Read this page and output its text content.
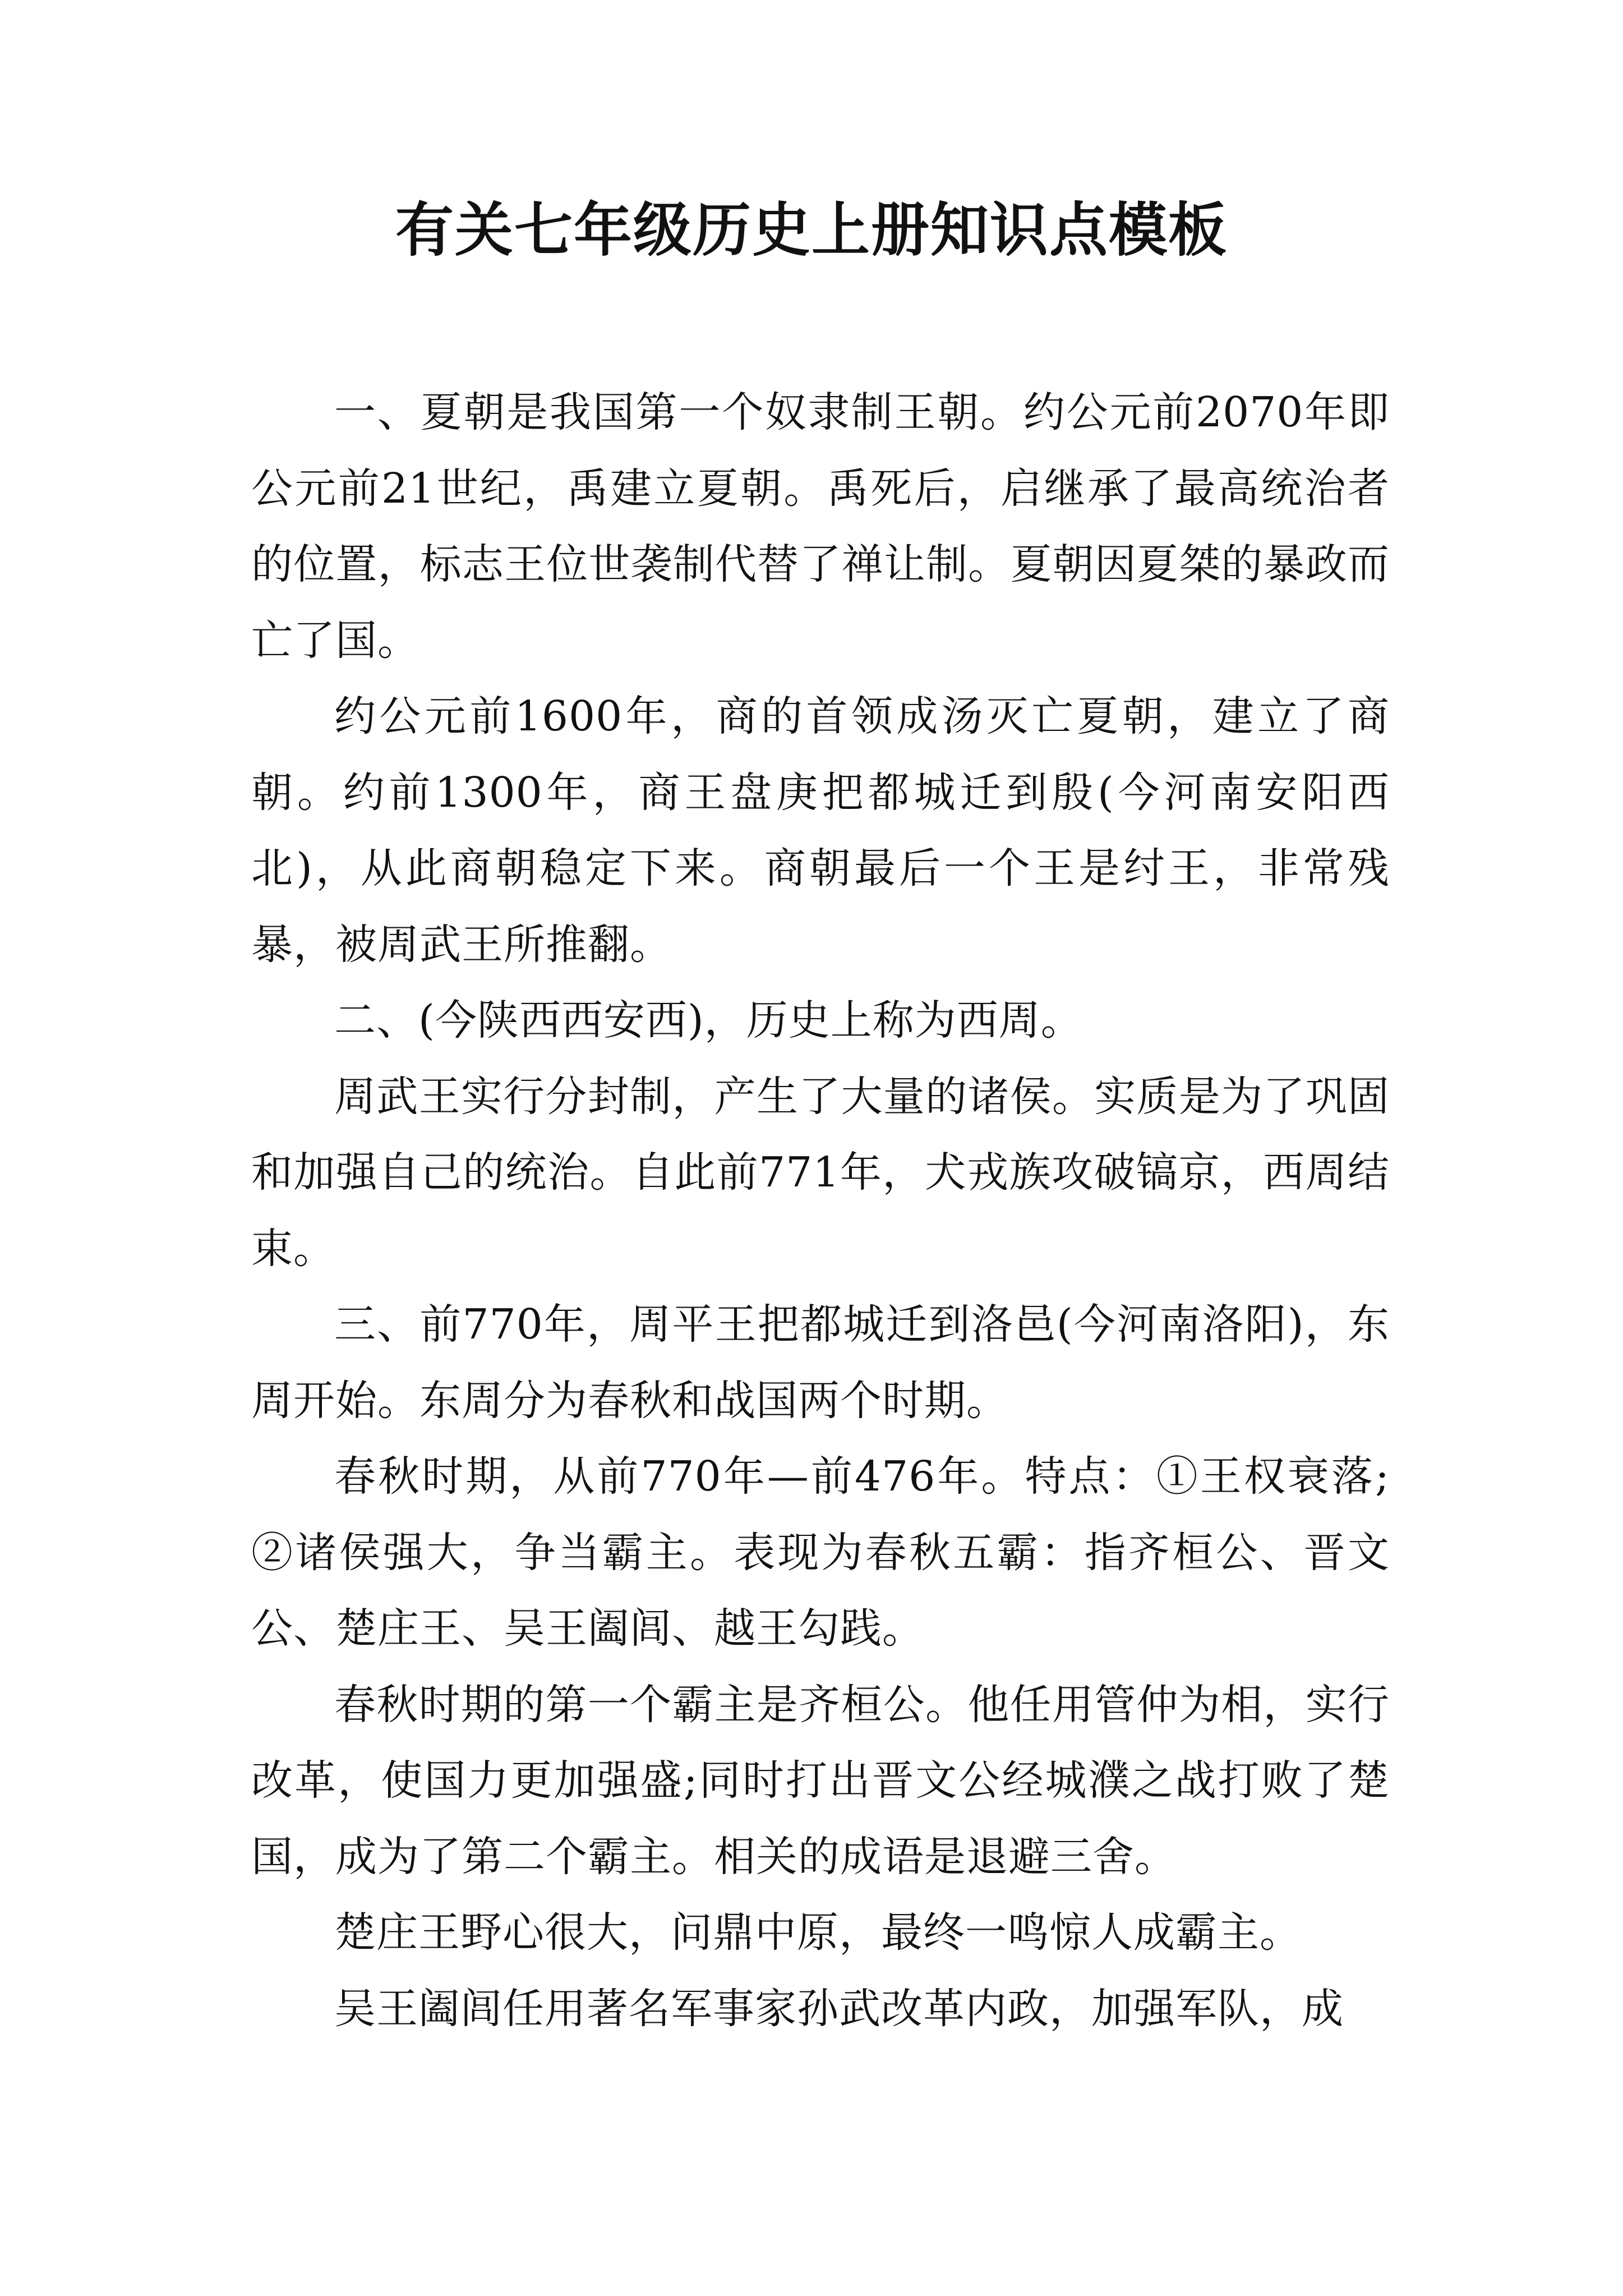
有关七年级历史上册知识点模板

一、夏朝是我国第一个奴隶制王朝。约公元前2070年即公元前21世纪，禹建立夏朝。禹死后，启继承了最高统治者的位置，标志王位世袭制代替了禅让制。夏朝因夏桀的暴政而亡了国。

约公元前1600年，商的首领成汤灭亡夏朝，建立了商朝。约前1300年，商王盘庚把都城迁到殷(今河南安阳西北)，从此商朝稳定下来。商朝最后一个王是纣王，非常残暴，被周武王所推翻。

二、(今陕西西安西)，历史上称为西周。

周武王实行分封制，产生了大量的诸侯。实质是为了巩固和加强自己的统治。自此前771年，犬戎族攻破镐京，西周结束。

三、前770年，周平王把都城迁到洛邑(今河南洛阳)，东周开始。东周分为春秋和战国两个时期。

春秋时期，从前770年—前476年。特点：①王权衰落;②诸侯强大，争当霸主。表现为春秋五霸：指齐桓公、晋文公、楚庄王、吴王阖闾、越王勾践。

春秋时期的第一个霸主是齐桓公。他任用管仲为相，实行改革，使国力更加强盛;同时打出晋文公经城濮之战打败了楚国，成为了第二个霸主。相关的成语是退避三舍。

楚庄王野心很大，问鼎中原，最终一鸣惊人成霸主。

吴王阖闾任用著名军事家孙武改革内政，加强军队，成
